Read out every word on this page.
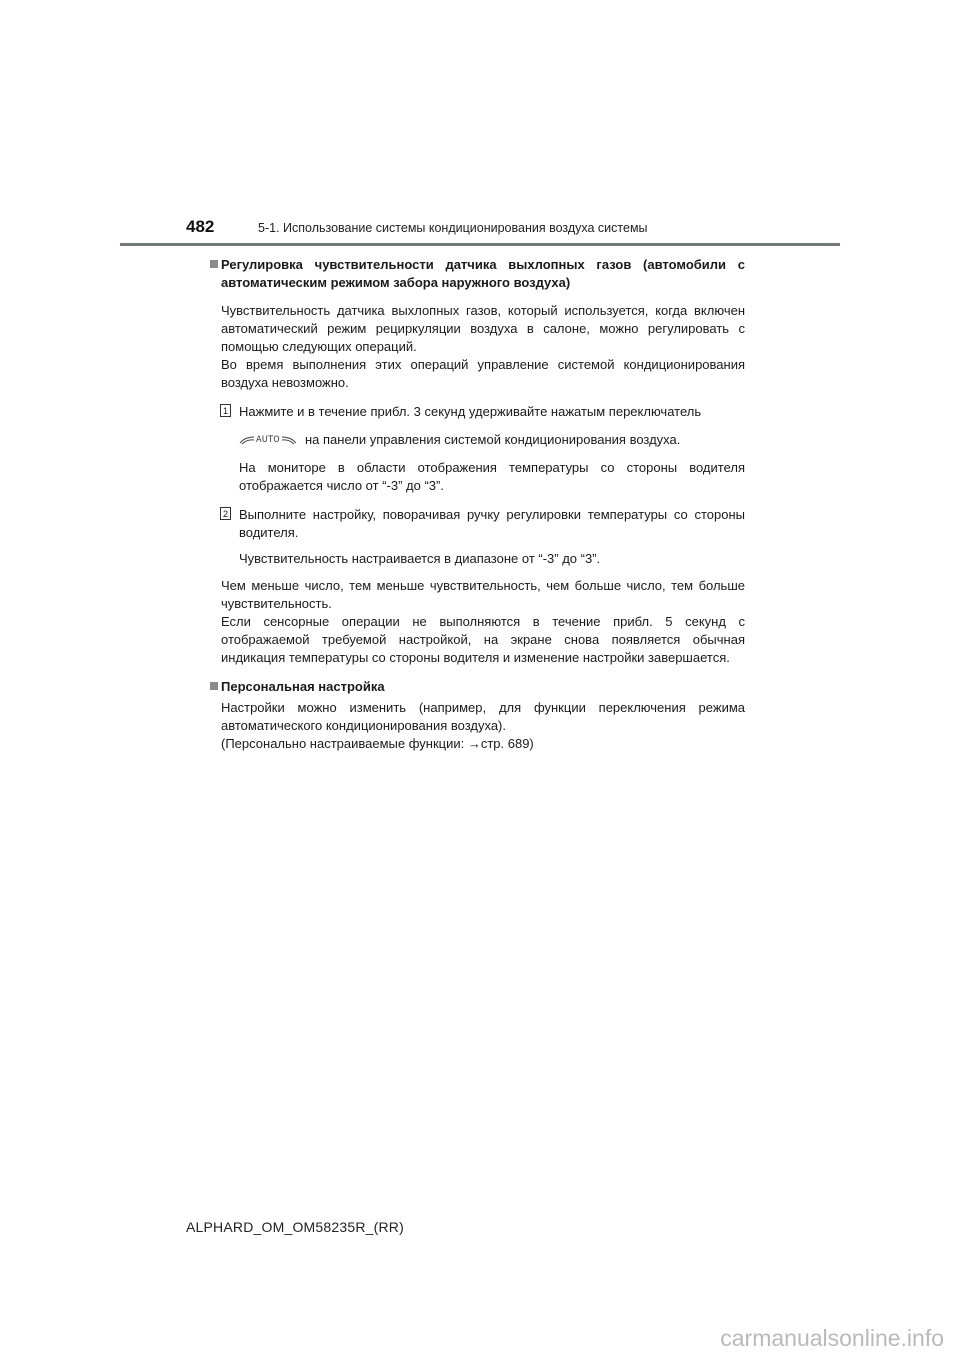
482	5-1. Использование системы кондиционирования воздуха системы
Регулировка чувствительности датчика выхлопных газов (автомобили с автоматическим режимом забора наружного воздуха)

Чувствительность датчика выхлопных газов, который используется, когда включен автоматический режим рециркуляции воздуха в салоне, можно регулировать с помощью следующих операций.

Во время выполнения этих операций управление системой кондиционирования воздуха невозможно.

1 Нажмите и в течение прибл. 3 секунд удерживайте нажатым переключатель
AUTO на панели управления системой кондиционирования воздуха.

На мониторе в области отображения температуры со стороны водителя отображается число от “-3” до “3”.

2 Выполните настройку, поворачивая ручку регулировки температуры со стороны водителя.

Чувствительность настраивается в диапазоне от “-3” до “3”.

Чем меньше число, тем меньше чувствительность, чем больше число, тем больше чувствительность.

Если сенсорные операции не выполняются в течение прибл. 5 секунд с отображаемой требуемой настройкой, на экране снова появляется обычная индикация температуры со стороны водителя и изменение настройки завершается.

Персональная настройка

Настройки можно изменить (например, для функции переключения режима автоматического кондиционирования воздуха).

(Персонально настраиваемые функции: →стр. 689)

ALPHARD_OM_OM58235R_(RR)
carmanualsonline.info
